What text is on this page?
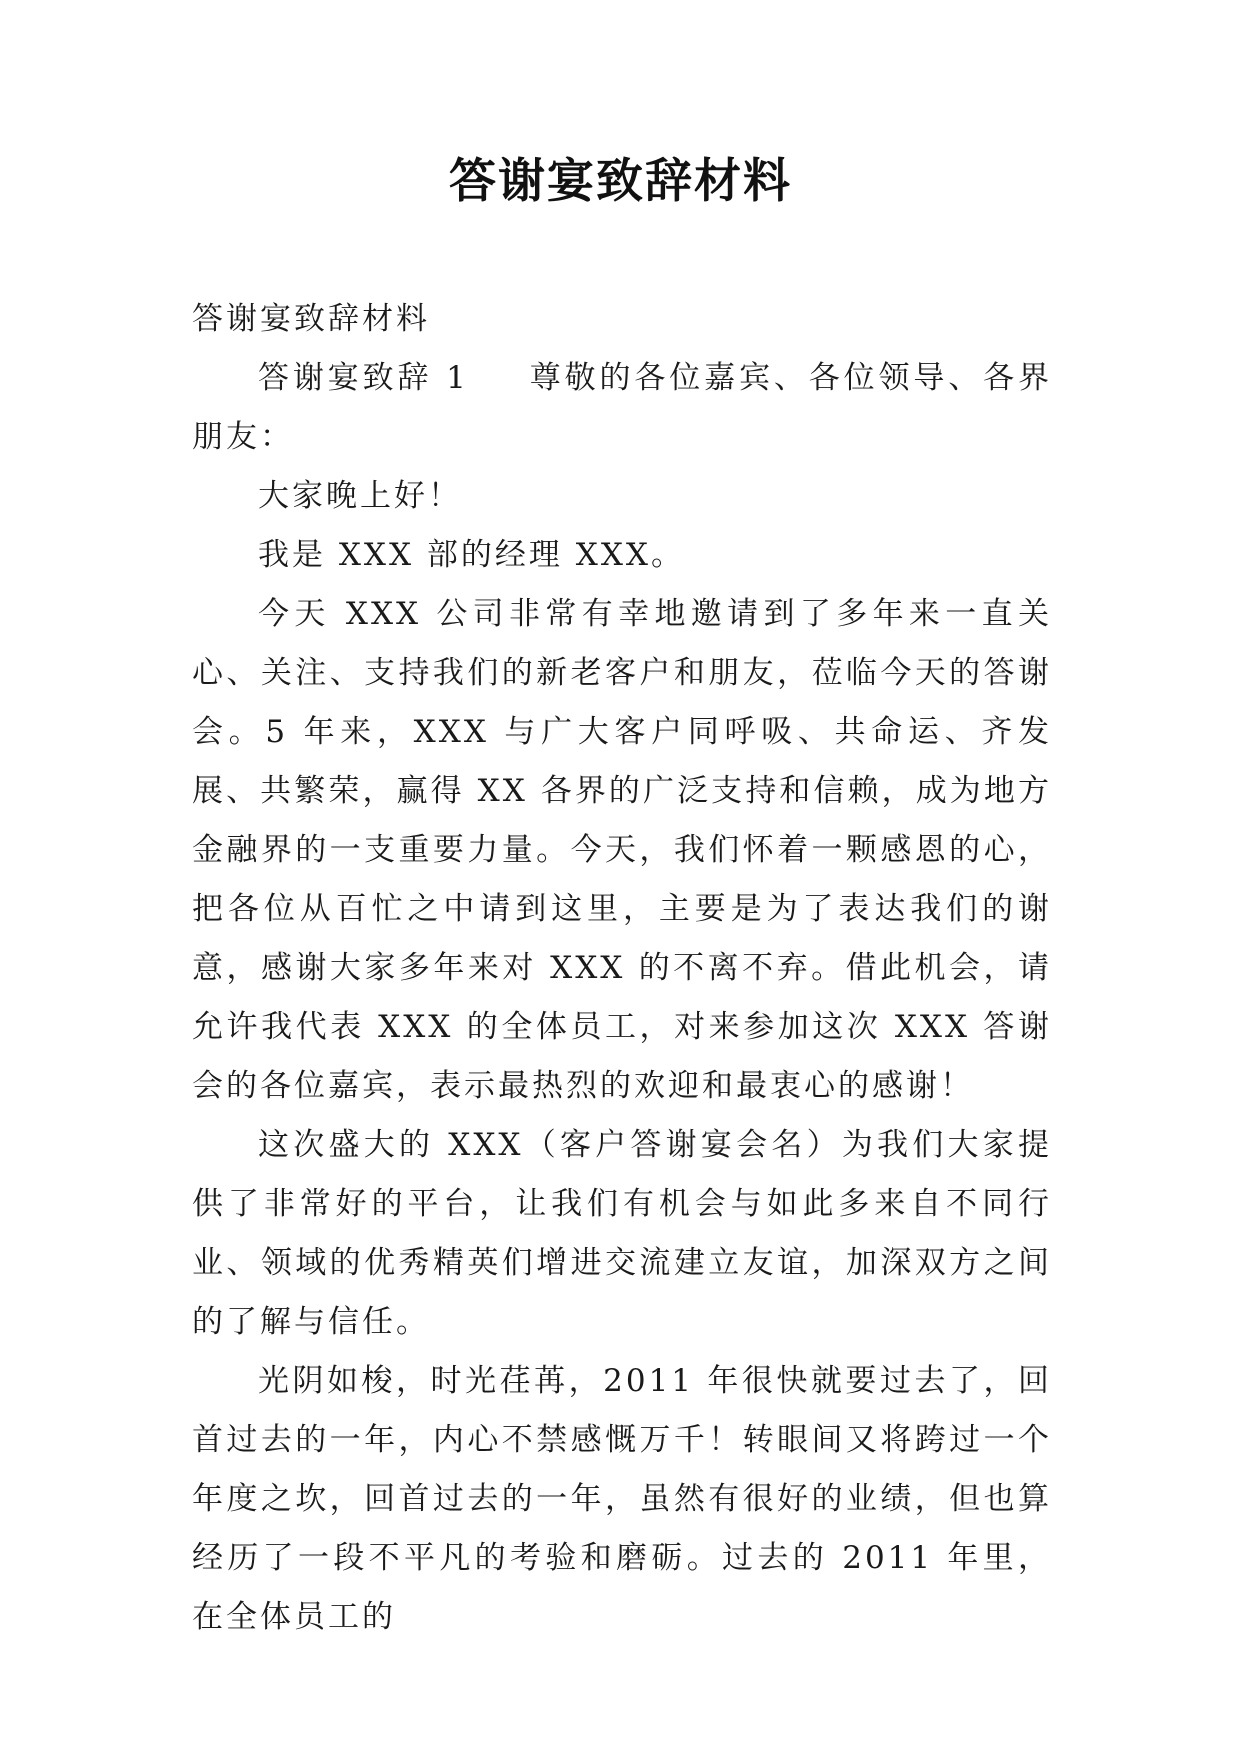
答谢宴致辞材料

答谢宴致辞材料

答谢宴致辞 1 尊敬的各位嘉宾、各位领导、各界朋友：

大家晚上好！

我是 XXX 部的经理 XXX。

今天 XXX 公司非常有幸地邀请到了多年来一直关心、关注、支持我们的新老客户和朋友，莅临今天的答谢会。5 年来，XXX 与广大客户同呼吸、共命运、齐发展、共繁荣，赢得 XX 各界的广泛支持和信赖，成为地方金融界的一支重要力量。今天，我们怀着一颗感恩的心，把各位从百忙之中请到这里，主要是为了表达我们的谢意，感谢大家多年来对 XXX 的不离不弃。借此机会，请允许我代表 XXX 的全体员工，对来参加这次 XXX 答谢会的各位嘉宾，表示最热烈的欢迎和最衷心的感谢！

这次盛大的 XXX（客户答谢宴会名）为我们大家提供了非常好的平台，让我们有机会与如此多来自不同行业、领域的优秀精英们增进交流建立友谊，加深双方之间的了解与信任。

光阴如梭，时光荏苒，2011 年很快就要过去了，回首过去的一年，内心不禁感慨万千！转眼间又将跨过一个年度之坎，回首过去的一年，虽然有很好的业绩，但也算经历了一段不平凡的考验和磨砺。过去的 2011 年里，在全体员工的
